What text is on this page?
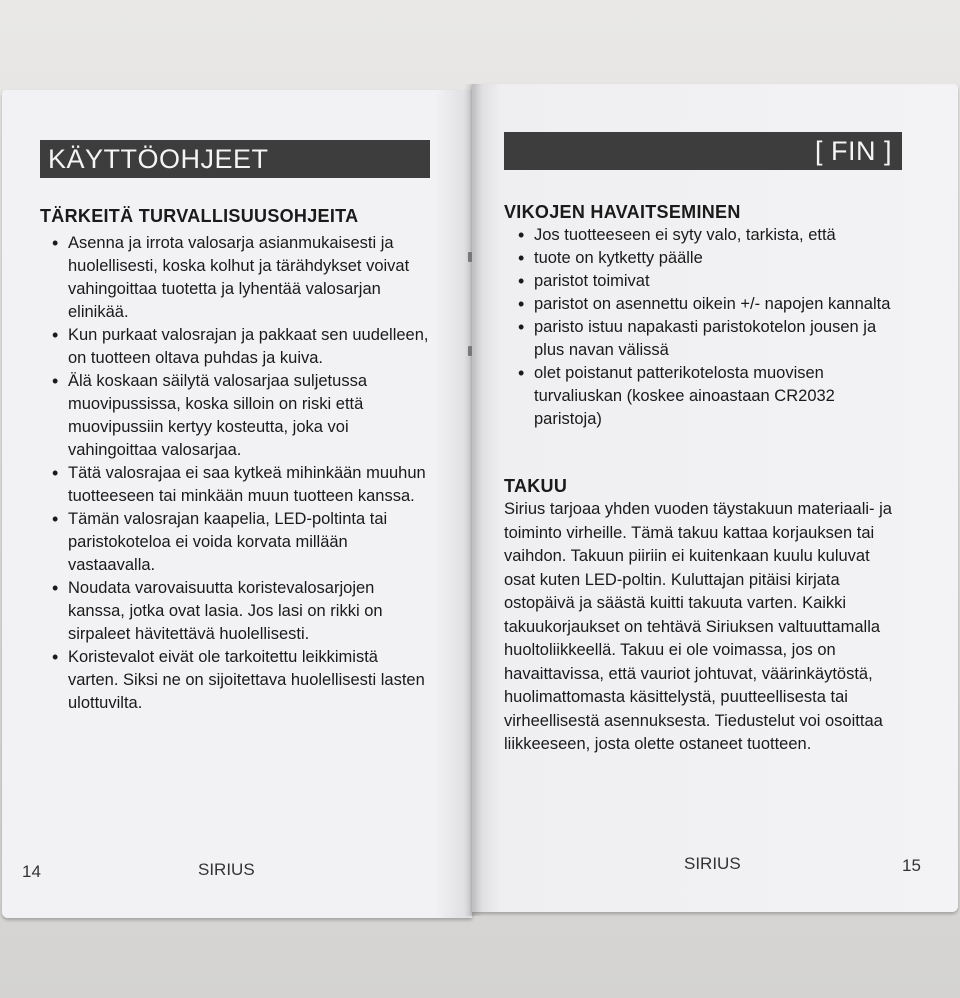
KÄYTTÖOHJEET
TÄRKEITÄ TURVALLISUUSOHJEITA
• Asenna ja irrota valosarja asianmukaisesti ja huolellisesti, koska kolhut ja tärähdykset voivat vahingoittaa tuotetta ja lyhentää valosarjan elinikää.
• Kun purkaat valosrajan ja pakkaat sen uudelleen, on tuotteen oltava puhdas ja kuiva.
• Älä koskaan säilytä valosarjaa suljetussa muovipussissa, koska silloin on riski että muovipussiin kertyy kosteutta, joka voi vahingoittaa valosarjaa.
• Tätä valosrajaa ei saa kytkeä mihinkään muuhun tuotteeseen tai minkään muun tuotteen kanssa.
• Tämän valosrajan kaapelia, LED-poltinta tai paristokoteloa ei voida korvata millään vastaavalla.
• Noudata varovaisuutta koristevalosarjojen kanssa, jotka ovat lasia. Jos lasi on rikki on sirpaleet hävitettävä huolellisesti.
• Koristevalot eivät ole tarkoitettu leikkimistä varten. Siksi ne on sijoitettava huolellisesti lasten ulottuvilta.
14	SIRIUS
[ FIN ]
VIKOJEN HAVAITSEMINEN
• Jos tuotteeseen ei syty valo, tarkista, että
• tuote on kytketty päälle
• paristot toimivat
• paristot on asennettu oikein +/- napojen kannalta
• paristo istuu napakasti paristokotelon jousen ja plus navan välissä
• olet poistanut patterikotelosta muovisen turvaliuskan (koskee ainoastaan CR2032 paristoja)
TAKUU

Sirius tarjoaa yhden vuoden täystakuun materiaali- ja toiminto virheille. Tämä takuu kattaa korjauksen tai vaihdon. Takuun piiriin ei kuitenkaan kuulu kuluvat osat kuten LED-poltin. Kuluttajan pitäisi kirjata ostopäivä ja säästä kuitti takuuta varten. Kaikki takuukorjaukset on tehtävä Siriuksen valtuuttamalla huoltoliikkeellä. Takuu ei ole voimassa, jos on havaittavissa, että vauriot johtuvat, väärinkäytöstä, huolimattomasta käsittelystä, puutteellisesta tai virheellisestä asennuksesta. Tiedustelut voi osoittaa liikkeeseen, josta olette ostaneet tuotteen.

SIRIUS	15
